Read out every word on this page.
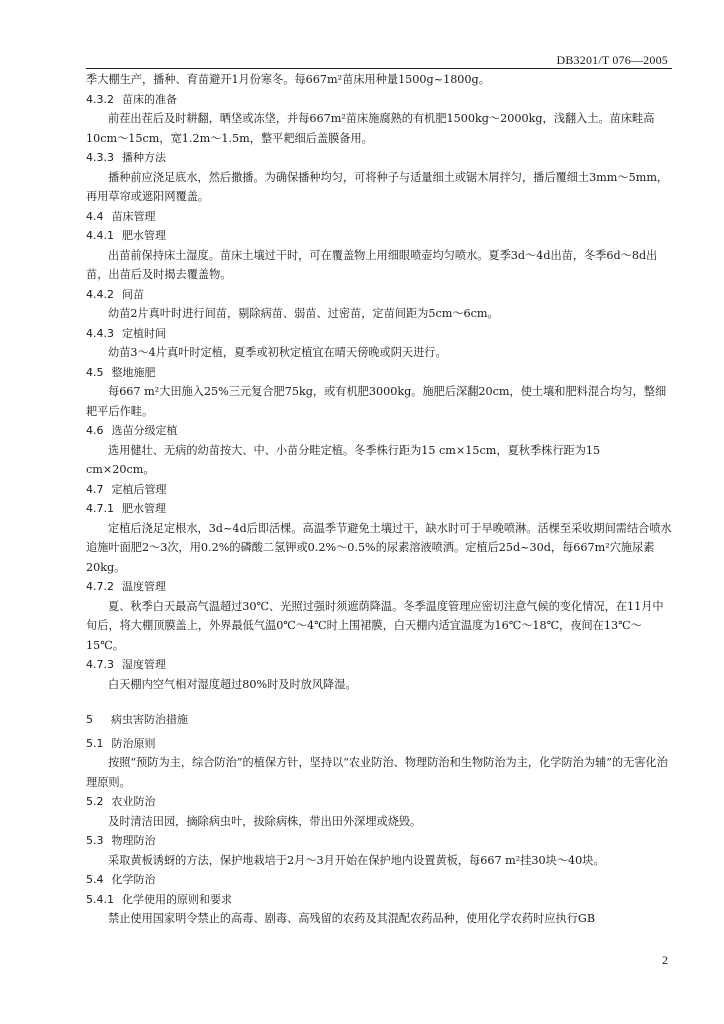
DB3201/T 076—2005
季大棚生产，播种、育苗避开1月份寒冬。每667m²苗床用种量1500g~1800g。
4.3.2 苗床的准备
前茬出茬后及时耕翻，晒垡或冻垡，并每667m²苗床施腐熟的有机肥1500kg～2000kg，浅翻入土。苗床畦高10cm～15cm，宽1.2m～1.5m，整平耙细后盖膜备用。
4.3.3 播种方法
播种前应浇足底水，然后撒播。为确保播种均匀，可将种子与适量细土或锯木屑拌匀，播后覆细土3mm～5mm，再用草帘或遮阳网覆盖。
4.4 苗床管理
4.4.1 肥水管理
出苗前保持床土湿度。苗床土壤过干时，可在覆盖物上用细眼喷壶均匀喷水。夏季3d～4d出苗，冬季6d～8d出苗，出苗后及时揭去覆盖物。
4.4.2 间苗
幼苗2片真叶时进行间苗，剔除病苗、弱苗、过密苗，定苗间距为5cm～6cm。
4.4.3 定植时间
幼苗3～4片真叶时定植，夏季或初秋定植宜在晴天傍晚或阴天进行。
4.5 整地施肥
每667 m²大田施入25%三元复合肥75kg，或有机肥3000kg。施肥后深翻20cm，使土壤和肥料混合均匀，整细耙平后作畦。
4.6 选苗分级定植
选用健壮、无病的幼苗按大、中、小苗分畦定植。冬季株行距为15 cm×15cm，夏秋季株行距为15 cm×20cm。
4.7 定植后管理
4.7.1 肥水管理
定植后浇足定根水，3d~4d后即活棵。高温季节避免土壤过干，缺水时可于早晚喷淋。活棵至采收期间需结合喷水追施叶面肥2～3次，用0.2%的磷酸二氢钾或0.2%～0.5%的尿素溶液喷洒。定植后25d~30d，每667m²穴施尿素20kg。
4.7.2 温度管理
夏、秋季白天最高气温超过30℃、光照过强时须遮荫降温。冬季温度管理应密切注意气候的变化情况，在11月中旬后，将大棚顶膜盖上，外界最低气温0℃～4℃时上围裙膜，白天棚内适宜温度为16℃～18℃，夜间在13℃～15℃。
4.7.3 湿度管理
白天棚内空气相对湿度超过80%时及时放风降湿。
5 病虫害防治措施
5.1 防治原则
按照“预防为主，综合防治”的植保方针，坚持以“农业防治、物理防治和生物防治为主，化学防治为辅”的无害化治理原则。
5.2 农业防治
及时清洁田园，摘除病虫叶，拔除病株，带出田外深埋或烧毁。
5.3 物理防治
采取黄板诱蚜的方法，保护地栽培于2月～3月开始在保护地内设置黄板，每667 m²挂30块～40块。
5.4 化学防治
5.4.1 化学使用的原则和要求
禁止使用国家明令禁止的高毒、剧毒、高残留的农药及其混配农药品种，使用化学农药时应执行GB
2
